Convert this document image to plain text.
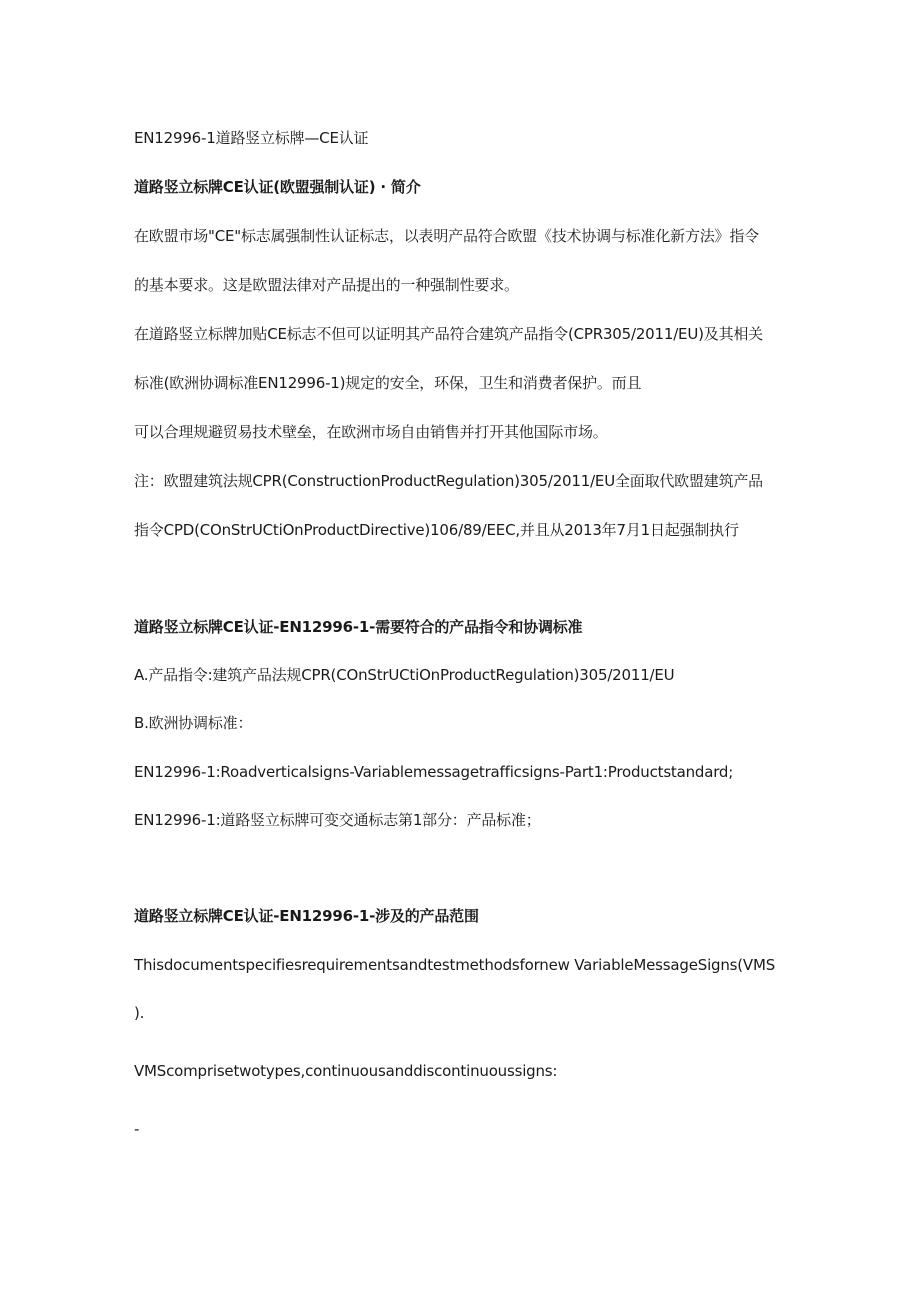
EN12996-1道路竖立标牌—CE认证
道路竖立标牌CE认证(欧盟强制认证) · 简介
在欧盟市场"CE"标志属强制性认证标志，以表明产品符合欧盟《技术协调与标准化新方法》指令
的基本要求。这是欧盟法律对产品提出的一种强制性要求。
在道路竖立标牌加贴CE标志不但可以证明其产品符合建筑产品指令(CPR305/2011/EU)及其相关
标准(欧洲协调标准EN12996-1)规定的安全，环保，卫生和消费者保护。而且
可以合理规避贸易技术壁垒，在欧洲市场自由销售并打开其他国际市场。
注：欧盟建筑法规CPR(ConstructionProductRegulation)305/2011/EU全面取代欧盟建筑产品
指令CPD(COnStrUCtiOnProductDirective)106/89/EEC,并且从2013年7月1日起强制执行
道路竖立标牌CE认证-EN12996-1-需要符合的产品指令和协调标准
A.产品指令:建筑产品法规CPR(COnStrUCtiOnProductRegulation)305/2011/EU
B.欧洲协调标准：
EN12996-1:Roadverticalsigns-Variablemessagetrafficsigns-Part1:Productstandard;
EN12996-1:道路竖立标牌可变交通标志第1部分：产品标准；
道路竖立标牌CE认证-EN12996-1-涉及的产品范围
Thisdocumentspecifiesrequirementsandtestmethodsfornew VariableMessageSigns(VMS
).
VMScomprisetwotypes,continuousanddiscontinuoussigns:
-
